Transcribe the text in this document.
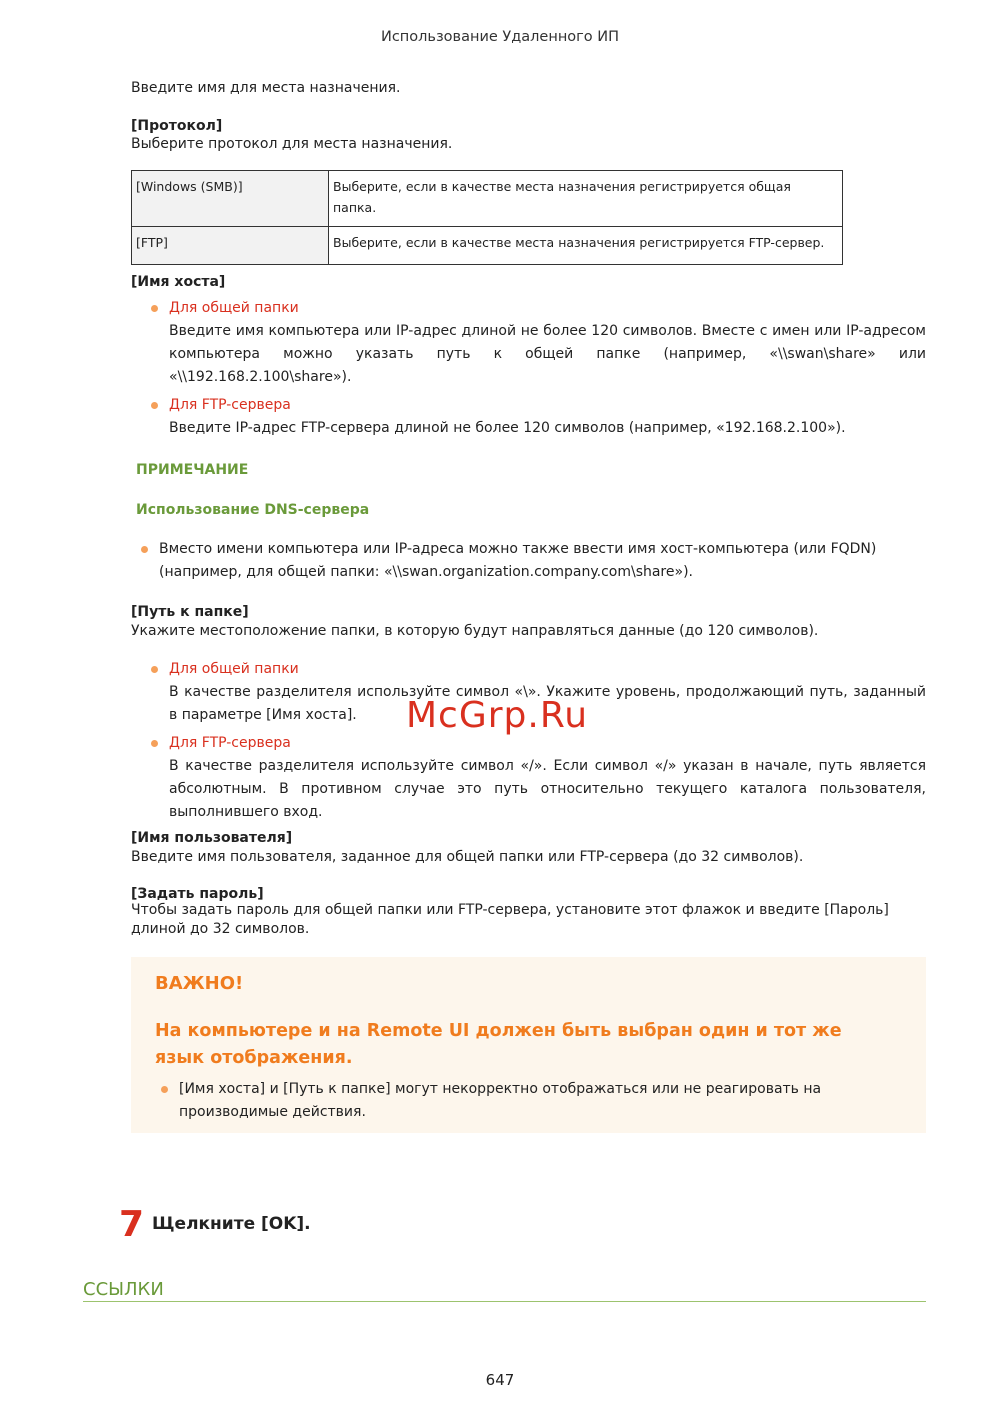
Использование Удаленного ИП
Введите имя для места назначения.
[Протокол]
Выберите протокол для места назначения.
[Windows (SMB)]	Выберите, если в качестве места назначения регистрируется общая папка.
[FTP]	Выберите, если в качестве места назначения регистрируется FTP-сервер.
[Имя хоста]
Для общей папки
Введите имя компьютера или IP-адрес длиной не более 120 символов. Вместе с имен или IP-адресом компьютера можно указать путь к общей папке (например, «\\swan\share» или «\\192.168.2.100\share»).
Для FTP-сервера
Введите IP-адрес FTP-сервера длиной не более 120 символов (например, «192.168.2.100»).
ПРИМЕЧАНИЕ
Использование DNS-сервера
Вместо имени компьютера или IP-адреса можно также ввести имя хост-компьютера (или FQDN) (например, для общей папки: «\\swan.organization.company.com\share»).
[Путь к папке]
Укажите местоположение папки, в которую будут направляться данные (до 120 символов).
Для общей папки
В качестве разделителя используйте символ «\». Укажите уровень, продолжающий путь, заданный в параметре [Имя хоста].
Для FTP-сервера
В качестве разделителя используйте символ «/». Если символ «/» указан в начале, путь является абсолютным. В противном случае это путь относительно текущего каталога пользователя, выполнившего вход.
[Имя пользователя]
Введите имя пользователя, заданное для общей папки или FTP-сервера (до 32 символов).
[Задать пароль]
Чтобы задать пароль для общей папки или FTP-сервера, установите этот флажок и введите [Пароль] длиной до 32 символов.
ВАЖНО!
На компьютере и на Remote UI должен быть выбран один и тот же язык отображения.
[Имя хоста] и [Путь к папке] могут некорректно отображаться или не реагировать на производимые действия.
7 Щелкните [OK].
ССЫЛКИ
McGrp.Ru
647
